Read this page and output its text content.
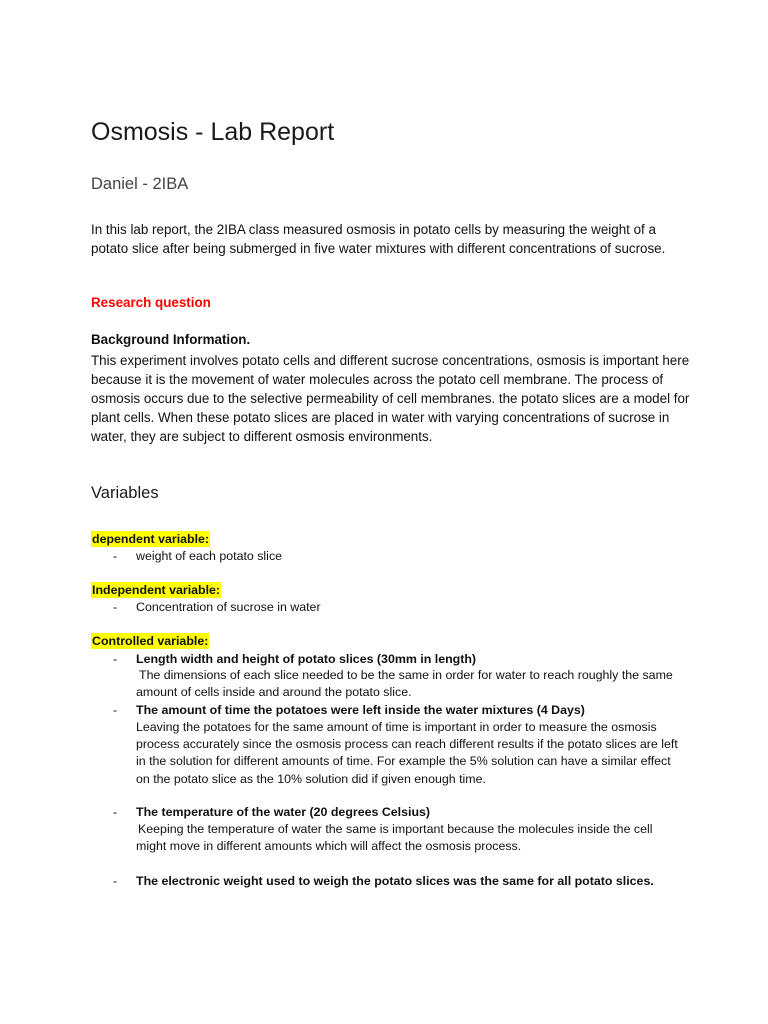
Osmosis - Lab Report
Daniel - 2IBA

In this lab report, the 2IBA class measured osmosis in potato cells by measuring the weight of a potato slice after being submerged in five water mixtures with different concentrations of sucrose.

Research question
Background Information.

This experiment involves potato cells and different sucrose concentrations, osmosis is important here because it is the movement of water molecules across the potato cell membrane. The process of osmosis occurs due to the selective permeability of cell membranes. the potato slices are a model for plant cells. When these potato slices are placed in water with varying concentrations of sucrose in water, they are subject to different osmosis environments.

Variables
dependent variable:
- weight of each potato slice
Independent variable:
- Concentration of sucrose in water
Controlled variable:
- Length width and height of potato slices (30mm in length)

The dimensions of each slice needed to be the same in order for water to reach roughly the same amount of cells inside and around the potato slice.

- The amount of time the potatoes were left inside the water mixtures (4 Days)

Leaving the potatoes for the same amount of time is important in order to measure the osmosis process accurately since the osmosis process can reach different results if the potato slices are left in the solution for different amounts of time. For example the 5% solution can have a similar effect on the potato slice as the 10% solution did if given enough time.

- The temperature of the water (20 degrees Celsius)

Keeping the temperature of water the same is important because the molecules inside the cell might move in different amounts which will affect the osmosis process.

- The electronic weight used to weigh the potato slices was the same for all potato slices.
